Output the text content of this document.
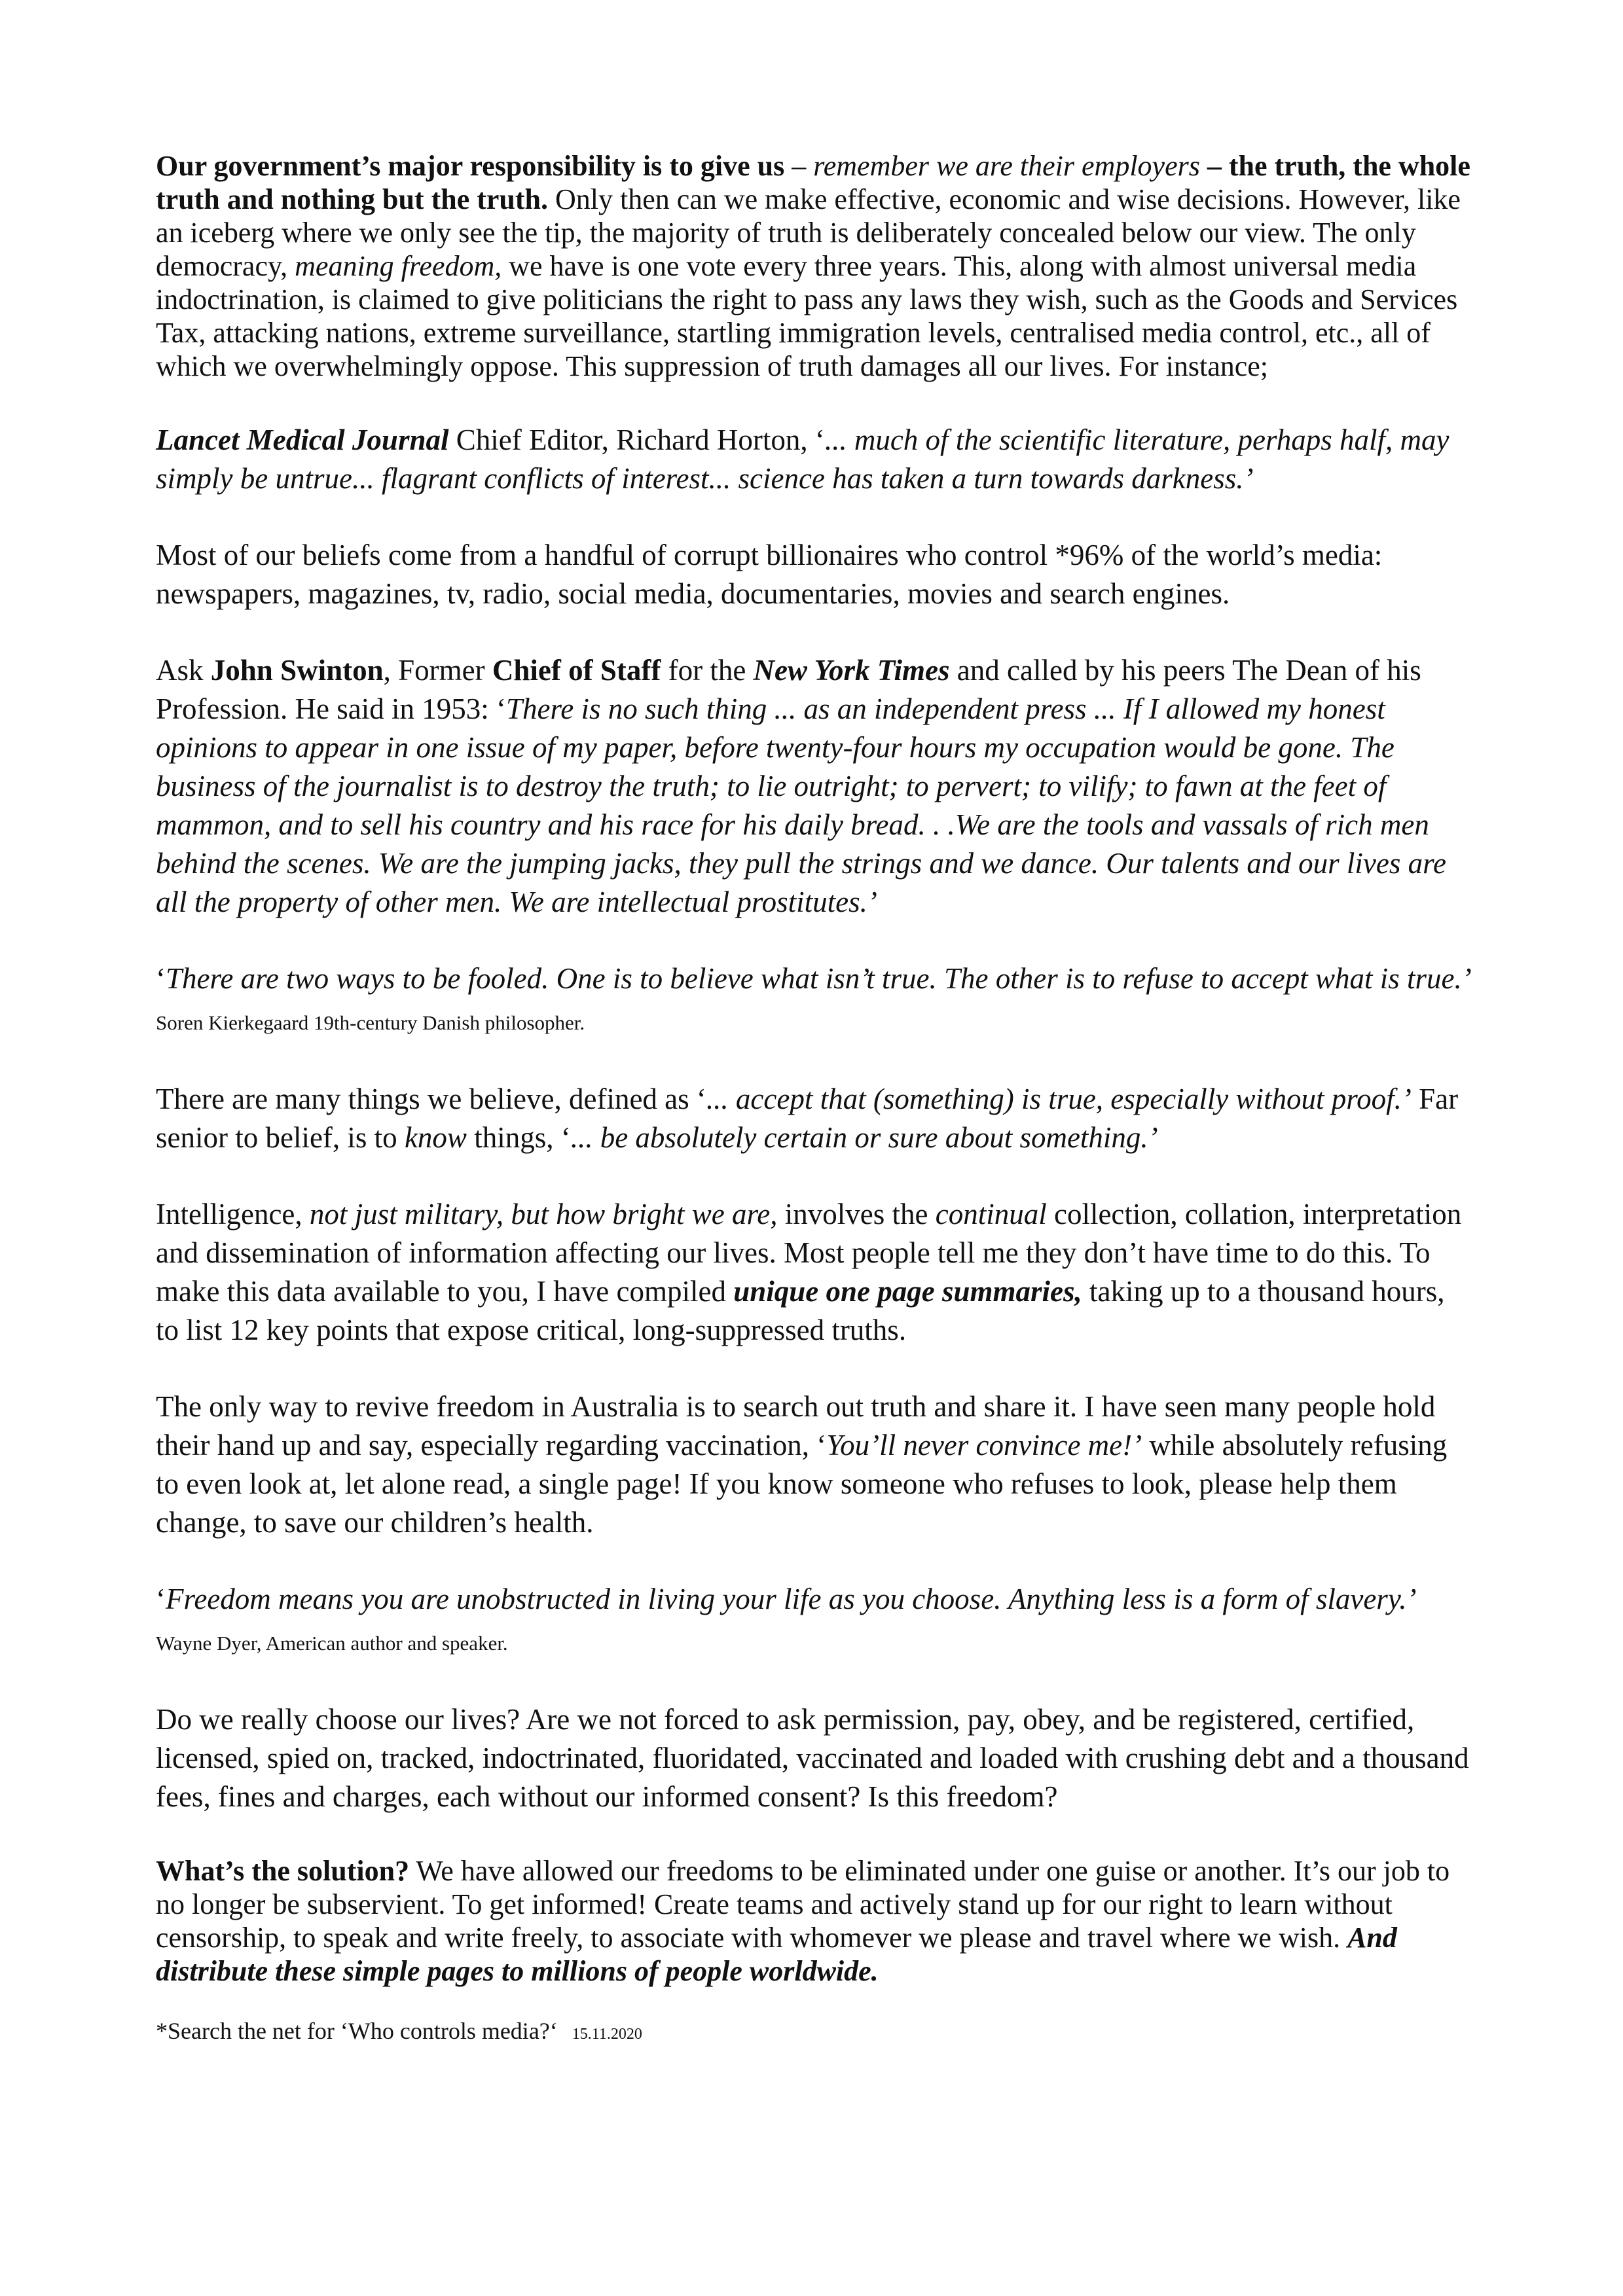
Our government’s major responsibility is to give us – remember we are their employers – the truth, the whole truth and nothing but the truth. Only then can we make effective, economic and wise decisions. However, like an iceberg where we only see the tip, the majority of truth is deliberately concealed below our view. The only democracy, meaning freedom, we have is one vote every three years. This, along with almost universal media indoctrination, is claimed to give politicians the right to pass any laws they wish, such as the Goods and Services Tax, attacking nations, extreme surveillance, startling immigration levels, centralised media control, etc., all of which we overwhelmingly oppose. This suppression of truth damages all our lives. For instance;

Lancet Medical Journal Chief Editor, Richard Horton, ‘... much of the scientific literature, perhaps half, may simply be untrue... flagrant conflicts of interest... science has taken a turn towards darkness.’

Most of our beliefs come from a handful of corrupt billionaires who control *96% of the world’s media: newspapers, magazines, tv, radio, social media, documentaries, movies and search engines.

Ask John Swinton, Former Chief of Staff for the New York Times and called by his peers The Dean of his Profession. He said in 1953: ‘There is no such thing ... as an independent press ... If I allowed my honest opinions to appear in one issue of my paper, before twenty-four hours my occupation would be gone. The business of the journalist is to destroy the truth; to lie outright; to pervert; to vilify; to fawn at the feet of mammon, and to sell his country and his race for his daily bread. . .We are the tools and vassals of rich men behind the scenes. We are the jumping jacks, they pull the strings and we dance. Our talents and our lives are all the property of other men. We are intellectual prostitutes.’

‘There are two ways to be fooled. One is to believe what isn’t true. The other is to refuse to accept what is true.’ Soren Kierkegaard 19th-century Danish philosopher.

There are many things we believe, defined as ‘... accept that (something) is true, especially without proof.’ Far senior to belief, is to know things, ‘... be absolutely certain or sure about something.’

Intelligence, not just military, but how bright we are, involves the continual collection, collation, interpretation and dissemination of information affecting our lives. Most people tell me they don’t have time to do this. To make this data available to you, I have compiled unique one page summaries, taking up to a thousand hours, to list 12 key points that expose critical, long-suppressed truths.

The only way to revive freedom in Australia is to search out truth and share it. I have seen many people hold their hand up and say, especially regarding vaccination, ‘You’ll never convince me!’ while absolutely refusing to even look at, let alone read, a single page! If you know someone who refuses to look, please help them change, to save our children’s health.

‘Freedom means you are unobstructed in living your life as you choose. Anything less is a form of slavery.’ Wayne Dyer, American author and speaker.

Do we really choose our lives? Are we not forced to ask permission, pay, obey, and be registered, certified, licensed, spied on, tracked, indoctrinated, fluoridated, vaccinated and loaded with crushing debt and a thousand fees, fines and charges, each without our informed consent? Is this freedom?

What’s the solution? We have allowed our freedoms to be eliminated under one guise or another. It’s our job to no longer be subservient. To get informed! Create teams and actively stand up for our right to learn without censorship, to speak and write freely, to associate with whomever we please and travel where we wish. And distribute these simple pages to millions of people worldwide.

*Search the net for ‘Who controls media?‘ 15.11.2020
